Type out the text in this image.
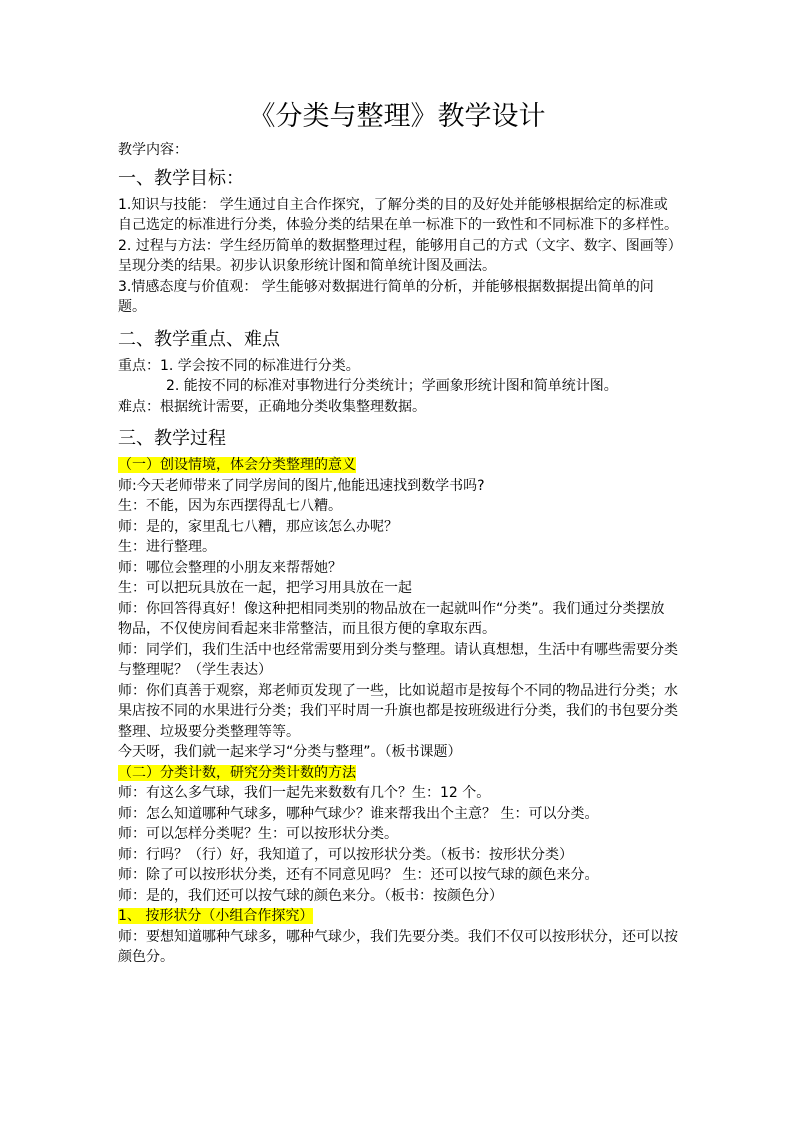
《分类与整理》教学设计
教学内容：
一、教学目标：
1.知识与技能： 学生通过自主合作探究，了解分类的目的及好处并能够根据给定的标准或自己选定的标准进行分类，体验分类的结果在单一标准下的一致性和不同标准下的多样性。
2. 过程与方法：学生经历简单的数据整理过程，能够用自己的方式（文字、数字、图画等）呈现分类的结果。初步认识象形统计图和简单统计图及画法。
3.情感态度与价值观： 学生能够对数据进行简单的分析，并能够根据数据提出简单的问题。
二、教学重点、难点
重点：1. 学会按不同的标准进行分类。
2. 能按不同的标准对事物进行分类统计；学画象形统计图和简单统计图。
难点：根据统计需要，正确地分类收集整理数据。
三、教学过程
（一）创设情境，体会分类整理的意义
师:今天老师带来了同学房间的图片,他能迅速找到数学书吗?
生：不能，因为东西摆得乱七八糟。
师：是的，家里乱七八糟，那应该怎么办呢？
生：进行整理。
师：哪位会整理的小朋友来帮帮她？
生：可以把玩具放在一起，把学习用具放在一起
师：你回答得真好！像这种把相同类别的物品放在一起就叫作“分类”。我们通过分类摆放物品，不仅使房间看起来非常整洁，而且很方便的拿取东西。
师：同学们，我们生活中也经常需要用到分类与整理。请认真想想，生活中有哪些需要分类与整理呢？（学生表达）
师：你们真善于观察，郑老师页发现了一些，比如说超市是按每个不同的物品进行分类；水果店按不同的水果进行分类；我们平时周一升旗也都是按班级进行分类，我们的书包要分类整理、垃圾要分类整理等等。
今天呀，我们就一起来学习“分类与整理”。（板书课题）
（二）分类计数，研究分类计数的方法
师：有这么多气球，我们一起先来数数有几个？生：12 个。
师：怎么知道哪种气球多，哪种气球少？谁来帮我出个主意？ 生：可以分类。
师：可以怎样分类呢？生：可以按形状分类。
师：行吗？（行）好，我知道了，可以按形状分类。（板书：按形状分类）
师：除了可以按形状分类，还有不同意见吗？ 生：还可以按气球的颜色来分。
师：是的，我们还可以按气球的颜色来分。（板书：按颜色分）
1、 按形状分（小组合作探究）
师：要想知道哪种气球多，哪种气球少，我们先要分类。我们不仅可以按形状分，还可以按颜色分。
